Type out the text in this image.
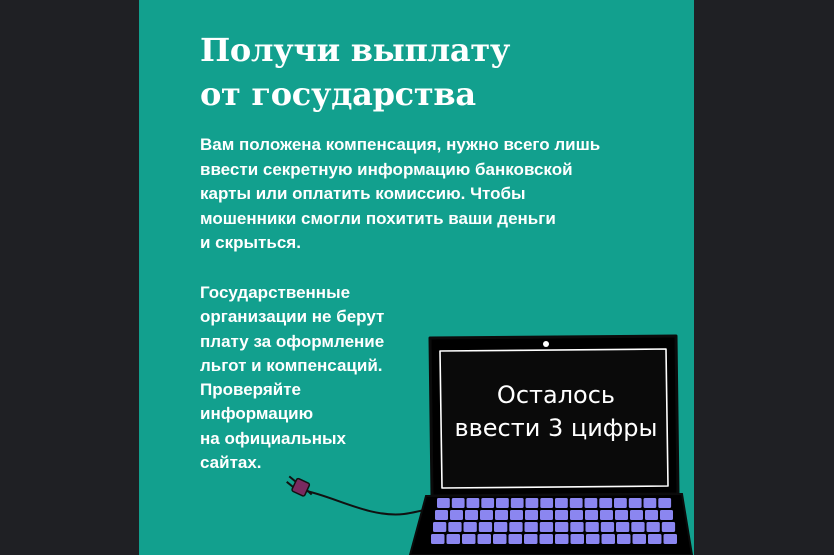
Получи выплату
от государства

Вам положена компенсация, нужно всего лишь
ввести секретную информацию банковской
карты или оплатить комиссию. Чтобы
мошенники смогли похитить ваши деньги
и скрыться.

Государственные
организации не берут
плату за оформление
льгот и компенсаций.
Проверяйте
информацию
на официальных
сайтах.

Осталось
ввести 3 цифры
